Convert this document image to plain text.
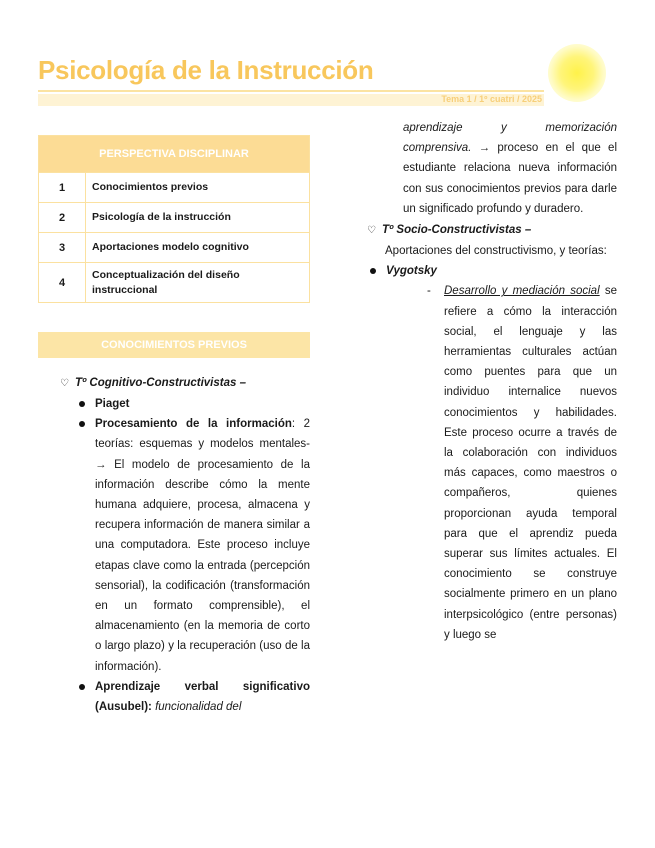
Psicología de la Instrucción
Tema 1 / 1º cuatri / 2025
PERSPECTIVA DISCIPLINAR	
1	Conocimientos previos
2	Psicología de la instrucción
3	Aportaciones modelo cognitivo
4	Conceptualización del diseño instruccional
CONOCIMIENTOS PREVIOS
♡ Tº Cognitivo-Constructivistas –
Piaget
Procesamiento de la información: 2 teorías: esquemas y modelos mentales- → El modelo de procesamiento de la información describe cómo la mente humana adquiere, procesa, almacena y recupera información de manera similar a una computadora. Este proceso incluye etapas clave como la entrada (percepción sensorial), la codificación (transformación en un formato comprensible), el almacenamiento (en la memoria de corto o largo plazo) y la recuperación (uso de la información).
Aprendizaje verbal significativo (Ausubel): funcionalidad del
aprendizaje y memorización comprensiva. → proceso en el que el estudiante relaciona nueva información con sus conocimientos previos para darle un significado profundo y duradero.
♡ Tº Socio-Constructivistas –
Aportaciones del constructivismo, y teorías:
Vygotsky
- Desarrollo y mediación social se refiere a cómo la interacción social, el lenguaje y las herramientas culturales actúan como puentes para que un individuo internalice nuevos conocimientos y habilidades. Este proceso ocurre a través de la colaboración con individuos más capaces, como maestros o compañeros, quienes proporcionan ayuda temporal para que el aprendiz pueda superar sus límites actuales. El conocimiento se construye socialmente primero en un plano interpsicológico (entre personas) y luego se
